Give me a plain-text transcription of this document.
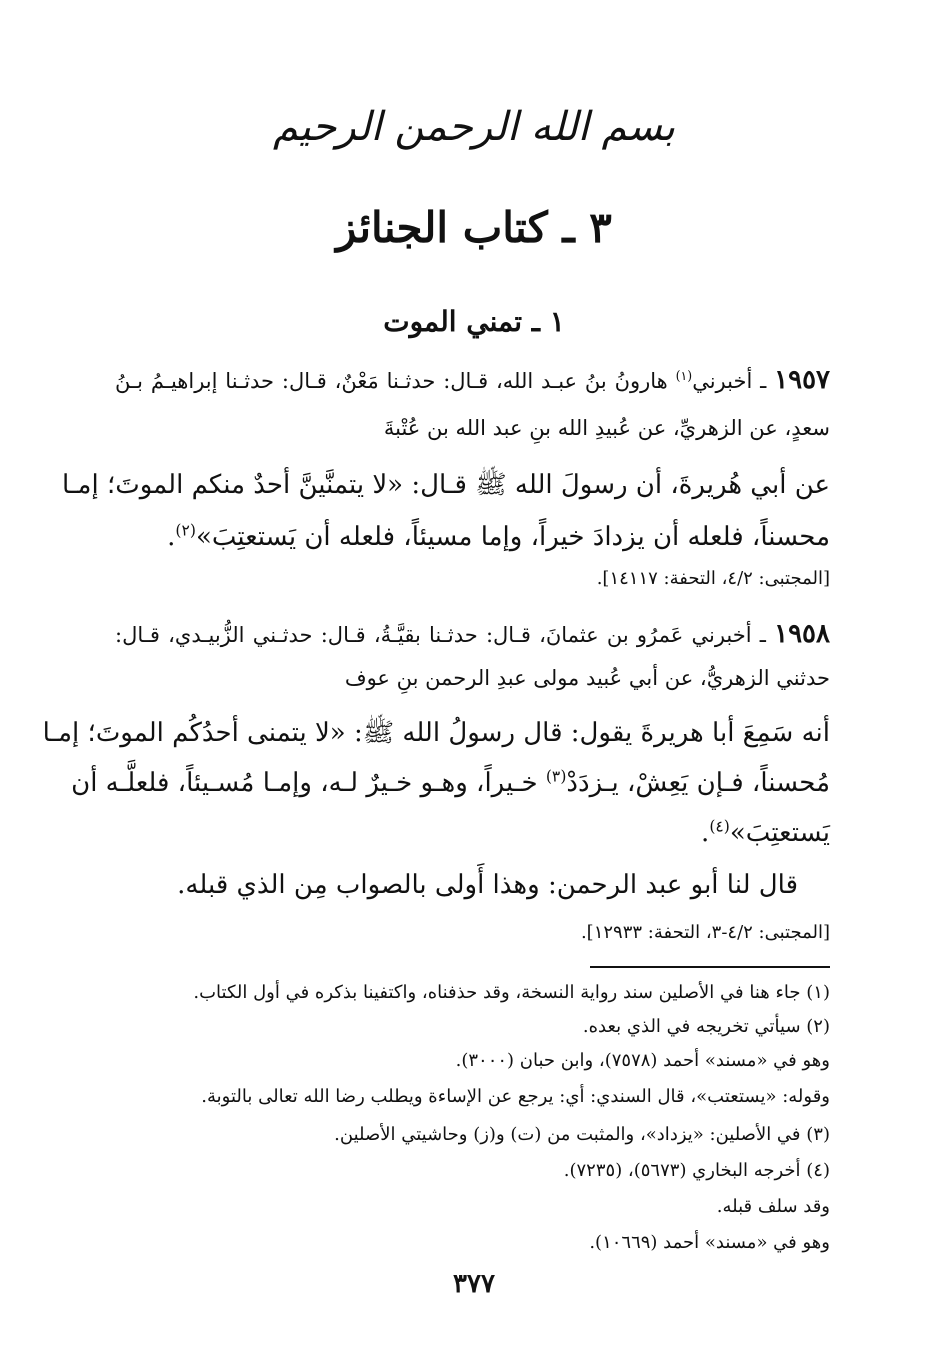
بسم الله الرحمن الرحيم
٣ ـ كتاب الجنائز
١ ـ تمني الموت
١٩٥٧ ـ أخبرني$^{(١)}$ هارونُ بنُ عبـد الله، قـال: حدثـنا مَعْنٌ، قـال: حدثـنا إبراهيـمُ بـنُ
سعدٍ، عن الزهريِّ، عن عُبيدِ الله بنِ عبد الله بن عُتْبةَ
عن أبي هُريرةَ، أن رسولَ الله ﷺ قـال: «لا يتمنَّينَّ أحدٌ منكم الموتَ؛ إمـا
محسناً، فلعله أن يزدادَ خيراً، وإما مسيئاً، فلعله أن يَستعتِبَ»$^{(٢)}$.
[المجتبى: ٤/٢، التحفة: ١٤١١٧].
١٩٥٨ ـ أخبرني عَمرُو بن عثمانَ، قـال: حدثـنا بقيَّـةُ، قـال: حدثـني الزُّبيـدي، قـال:
حدثني الزهريُّ، عن أبي عُبيد مولى عبدِ الرحمن بنِ عوف
أنه سَمِعَ أبا هريرةَ يقول: قال رسولُ الله ﷺ: «لا يتمنى أحدُكُم الموتَ؛ إمـا
مُحسناً، فـإن يَعِشْ، يـزدَدْ$^{(٣)}$ خـيراً، وهـو خـيرٌ لـه، وإمـا مُسـيئاً، فلعلَّـه أن
يَستعتِبَ»$^{(٤)}$.
قال لنا أبو عبد الرحمن: وهذا أَولى بالصواب مِن الذي قبله.
[المجتبى: ٤/٢-٣، التحفة: ١٢٩٣٣].
(١) جاء هنا في الأصلين سند رواية النسخة، وقد حذفناه، واكتفينا بذكره في أول الكتاب.
(٢) سيأتي تخريجه في الذي بعده.
وهو في «مسند» أحمد (٧٥٧٨)، وابن حبان (٣٠٠٠).
وقوله: «يستعتب»، قال السندي: أي: يرجع عن الإساءة ويطلب رضا الله تعالى بالتوبة.
(٣) في الأصلين: «يزداد»، والمثبت من (ت) و(ز) وحاشيتي الأصلين.
(٤) أخرجه البخاري (٥٦٧٣)، (٧٢٣٥).
وقد سلف قبله.
وهو في «مسند» أحمد (١٠٦٦٩).
٣٧٧
